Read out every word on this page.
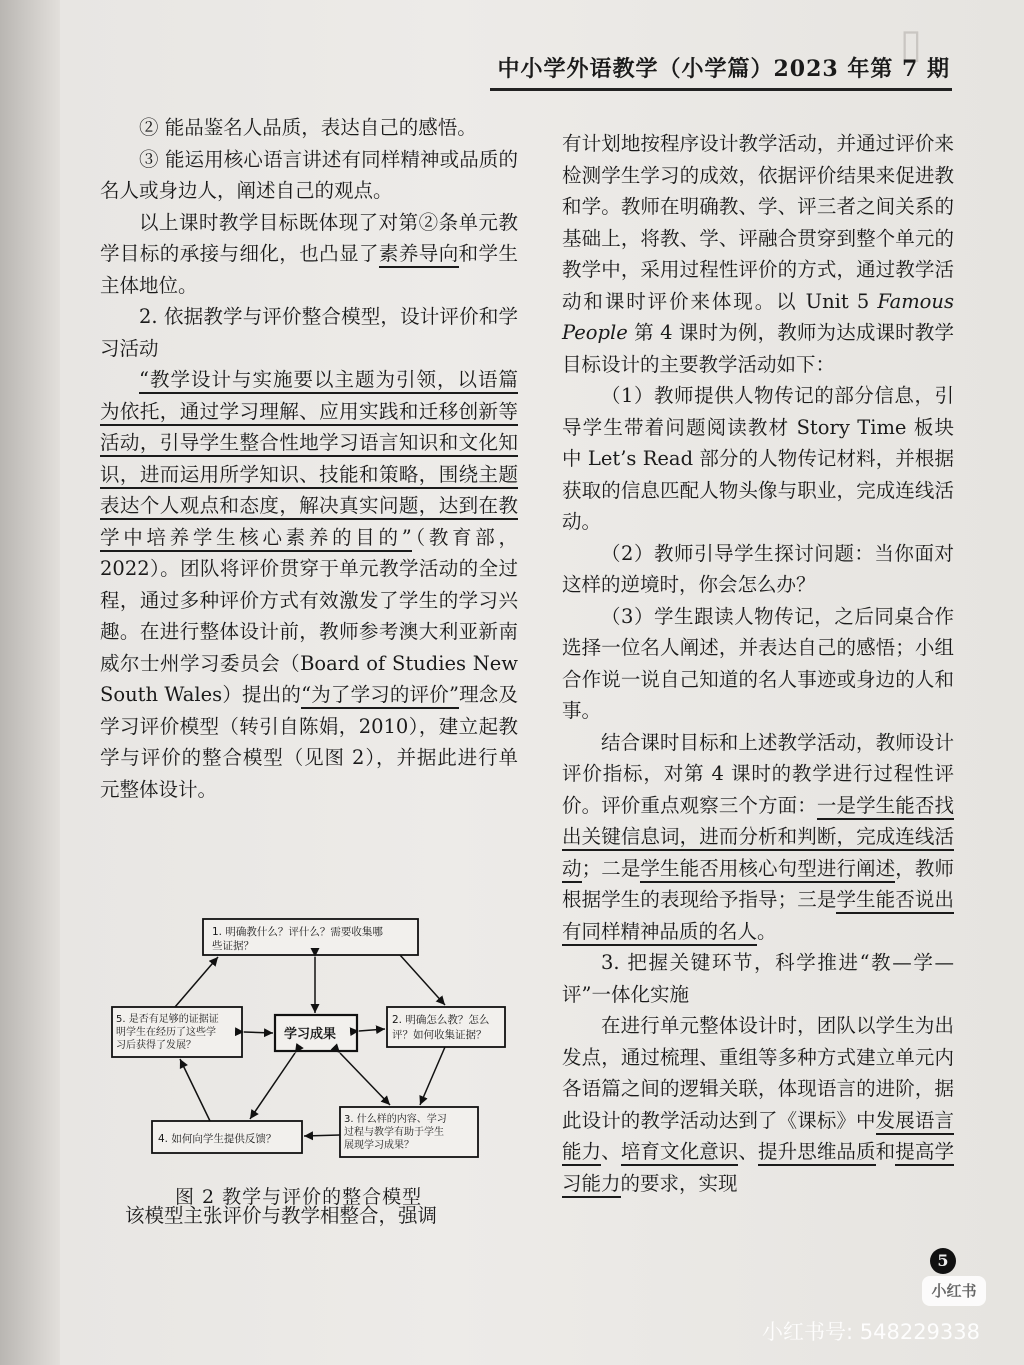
▯
中小学外语教学（小学篇）2023 年第 7 期

② 能品鉴名人品质，表达自己的感悟。

③ 能运用核心语言讲述有同样精神或品质的名人或身边人，阐述自己的观点。

以上课时教学目标既体现了对第②条单元教学目标的承接与细化，也凸显了素养导向和学生主体地位。

2. 依据教学与评价整合模型，设计评价和学习活动

“教学设计与实施要以主题为引领，以语篇为依托，通过学习理解、应用实践和迁移创新等活动，引导学生整合性地学习语言知识和文化知识，进而运用所学知识、技能和策略，围绕主题表达个人观点和态度，解决真实问题，达到在教学中培养学生核心素养的目的”（教育部，2022）。团队将评价贯穿于单元教学活动的全过程，通过多种评价方式有效激发了学生的学习兴趣。在进行整体设计前，教师参考澳大利亚新南威尔士州学习委员会（Board of Studies New South Wales）提出的“为了学习的评价”理念及学习评价模型（转引自陈娟，2010），建立起教学与评价的整合模型（见图 2），并据此进行单元整体设计。

1. 明确教什么？评什么？需要收集哪
些证据？
学习成果
2. 明确怎么教？怎么
评？如何收集证据？
3. 什么样的内容、学习
过程与教学有助于学生
展现学习成果？
4. 如何向学生提供反馈？
5. 是否有足够的证据证
明学生在经历了这些学
习后获得了发展？
图 2 教学与评价的整合模型
该模型主张评价与教学相整合，强调

有计划地按程序设计教学活动，并通过评价来检测学生学习的成效，依据评价结果来促进教和学。教师在明确教、学、评三者之间关系的基础上，将教、学、评融合贯穿到整个单元的教学中，采用过程性评价的方式，通过教学活动和课时评价来体现。以 Unit 5 Famous People 第 4 课时为例，教师为达成课时教学目标设计的主要教学活动如下：

（1）教师提供人物传记的部分信息，引导学生带着问题阅读教材 Story Time 板块中 Let’s Read 部分的人物传记材料，并根据获取的信息匹配人物头像与职业，完成连线活动。

（2）教师引导学生探讨问题：当你面对这样的逆境时，你会怎么办？

（3）学生跟读人物传记，之后同桌合作选择一位名人阐述，并表达自己的感悟；小组合作说一说自己知道的名人事迹或身边的人和事。

结合课时目标和上述教学活动，教师设计评价指标，对第 4 课时的教学进行过程性评价。评价重点观察三个方面：一是学生能否找出关键信息词，进而分析和判断，完成连线活动；二是学生能否用核心句型进行阐述，教师根据学生的表现给予指导；三是学生能否说出有同样精神品质的名人。

3. 把握关键环节，科学推进“教—学—评”一体化实施

在进行单元整体设计时，团队以学生为出发点，通过梳理、重组等多种方式建立单元内各语篇之间的逻辑关联，体现语言的进阶，据此设计的教学活动达到了《课标》中发展语言能力、培育文化意识、提升思维品质和提高学习能力的要求，实现

5
小红书
小红书号: 548229338
